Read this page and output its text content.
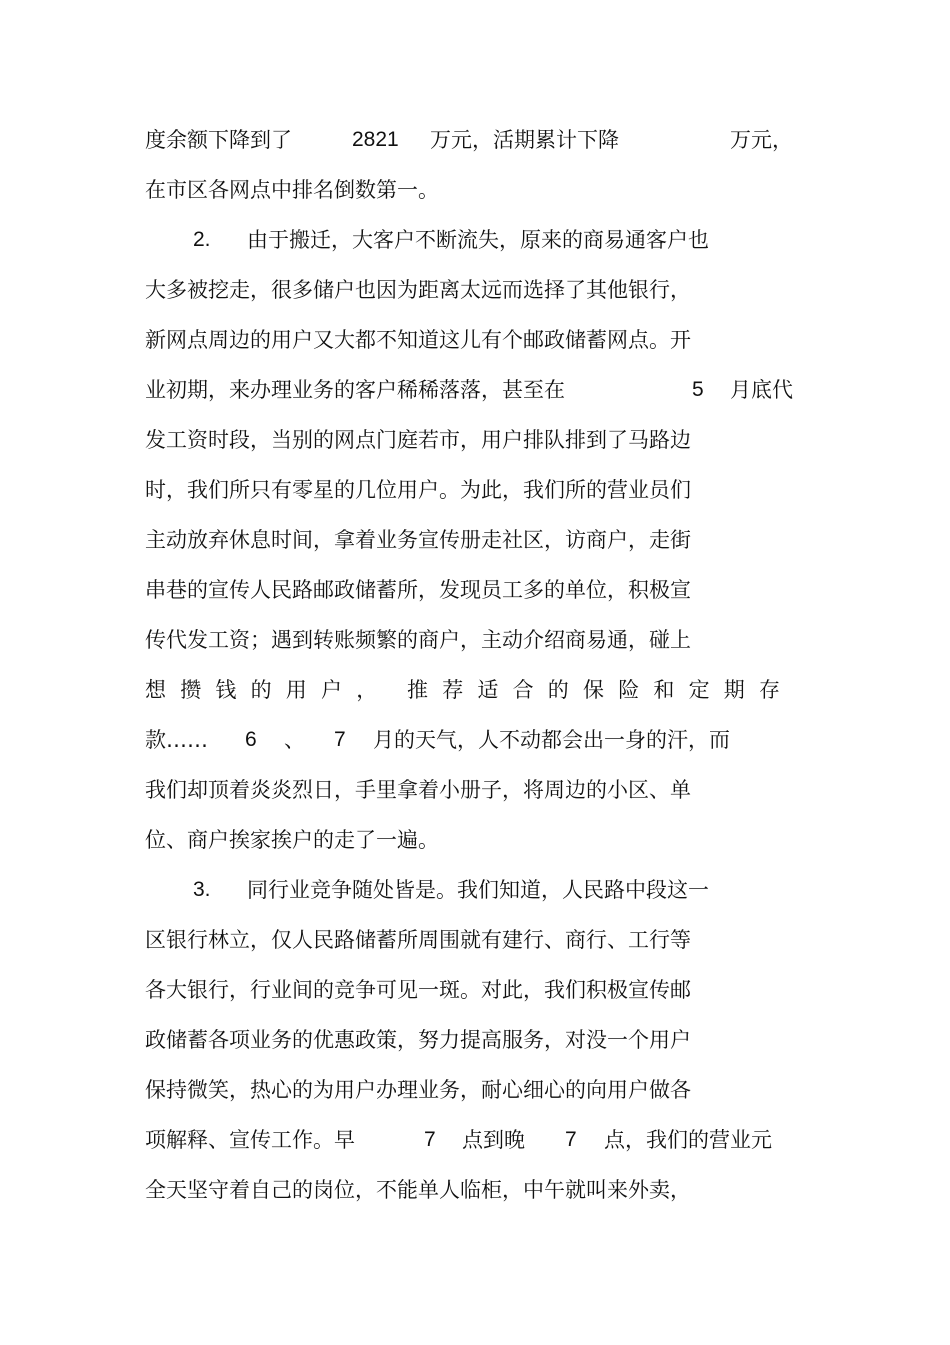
度余额下降到了	2821 万元，活期累计下降	万元，
在市区各网点中排名倒数第一。
2. 由于搬迁，大客户不断流失，原来的商易通客户也
大多被挖走，很多储户也因为距离太远而选择了其他银行，
新网点周边的用户又大都不知道这儿有个邮政储蓄网点。开
业初期，来办理业务的客户稀稀落落，甚至在	5 月底代
发工资时段，当别的网点门庭若市，用户排队排到了马路边
时，我们所只有零星的几位用户。为此，我们所的营业员们
主动放弃休息时间，拿着业务宣传册走社区，访商户，走街
串巷的宣传人民路邮政储蓄所，发现员工多的单位，积极宣
传代发工资；遇到转账频繁的商户，主动介绍商易通，碰上
想攒钱的用户， 推荐适合的保险和定期存
款…… 6 、 7 月的天气，人不动都会出一身的汗，而
我们却顶着炎炎烈日，手里拿着小册子，将周边的小区、单
位、商户挨家挨户的走了一遍。
3. 同行业竞争随处皆是。我们知道，人民路中段这一
区银行林立，仅人民路储蓄所周围就有建行、商行、工行等
各大银行，行业间的竞争可见一斑。对此，我们积极宣传邮
政储蓄各项业务的优惠政策，努力提高服务，对没一个用户
保持微笑，热心的为用户办理业务，耐心细心的向用户做各
项解释、宣传工作。早	7 点到晚 7 点，我们的营业元
全天坚守着自己的岗位，不能单人临柜，中午就叫来外卖，
